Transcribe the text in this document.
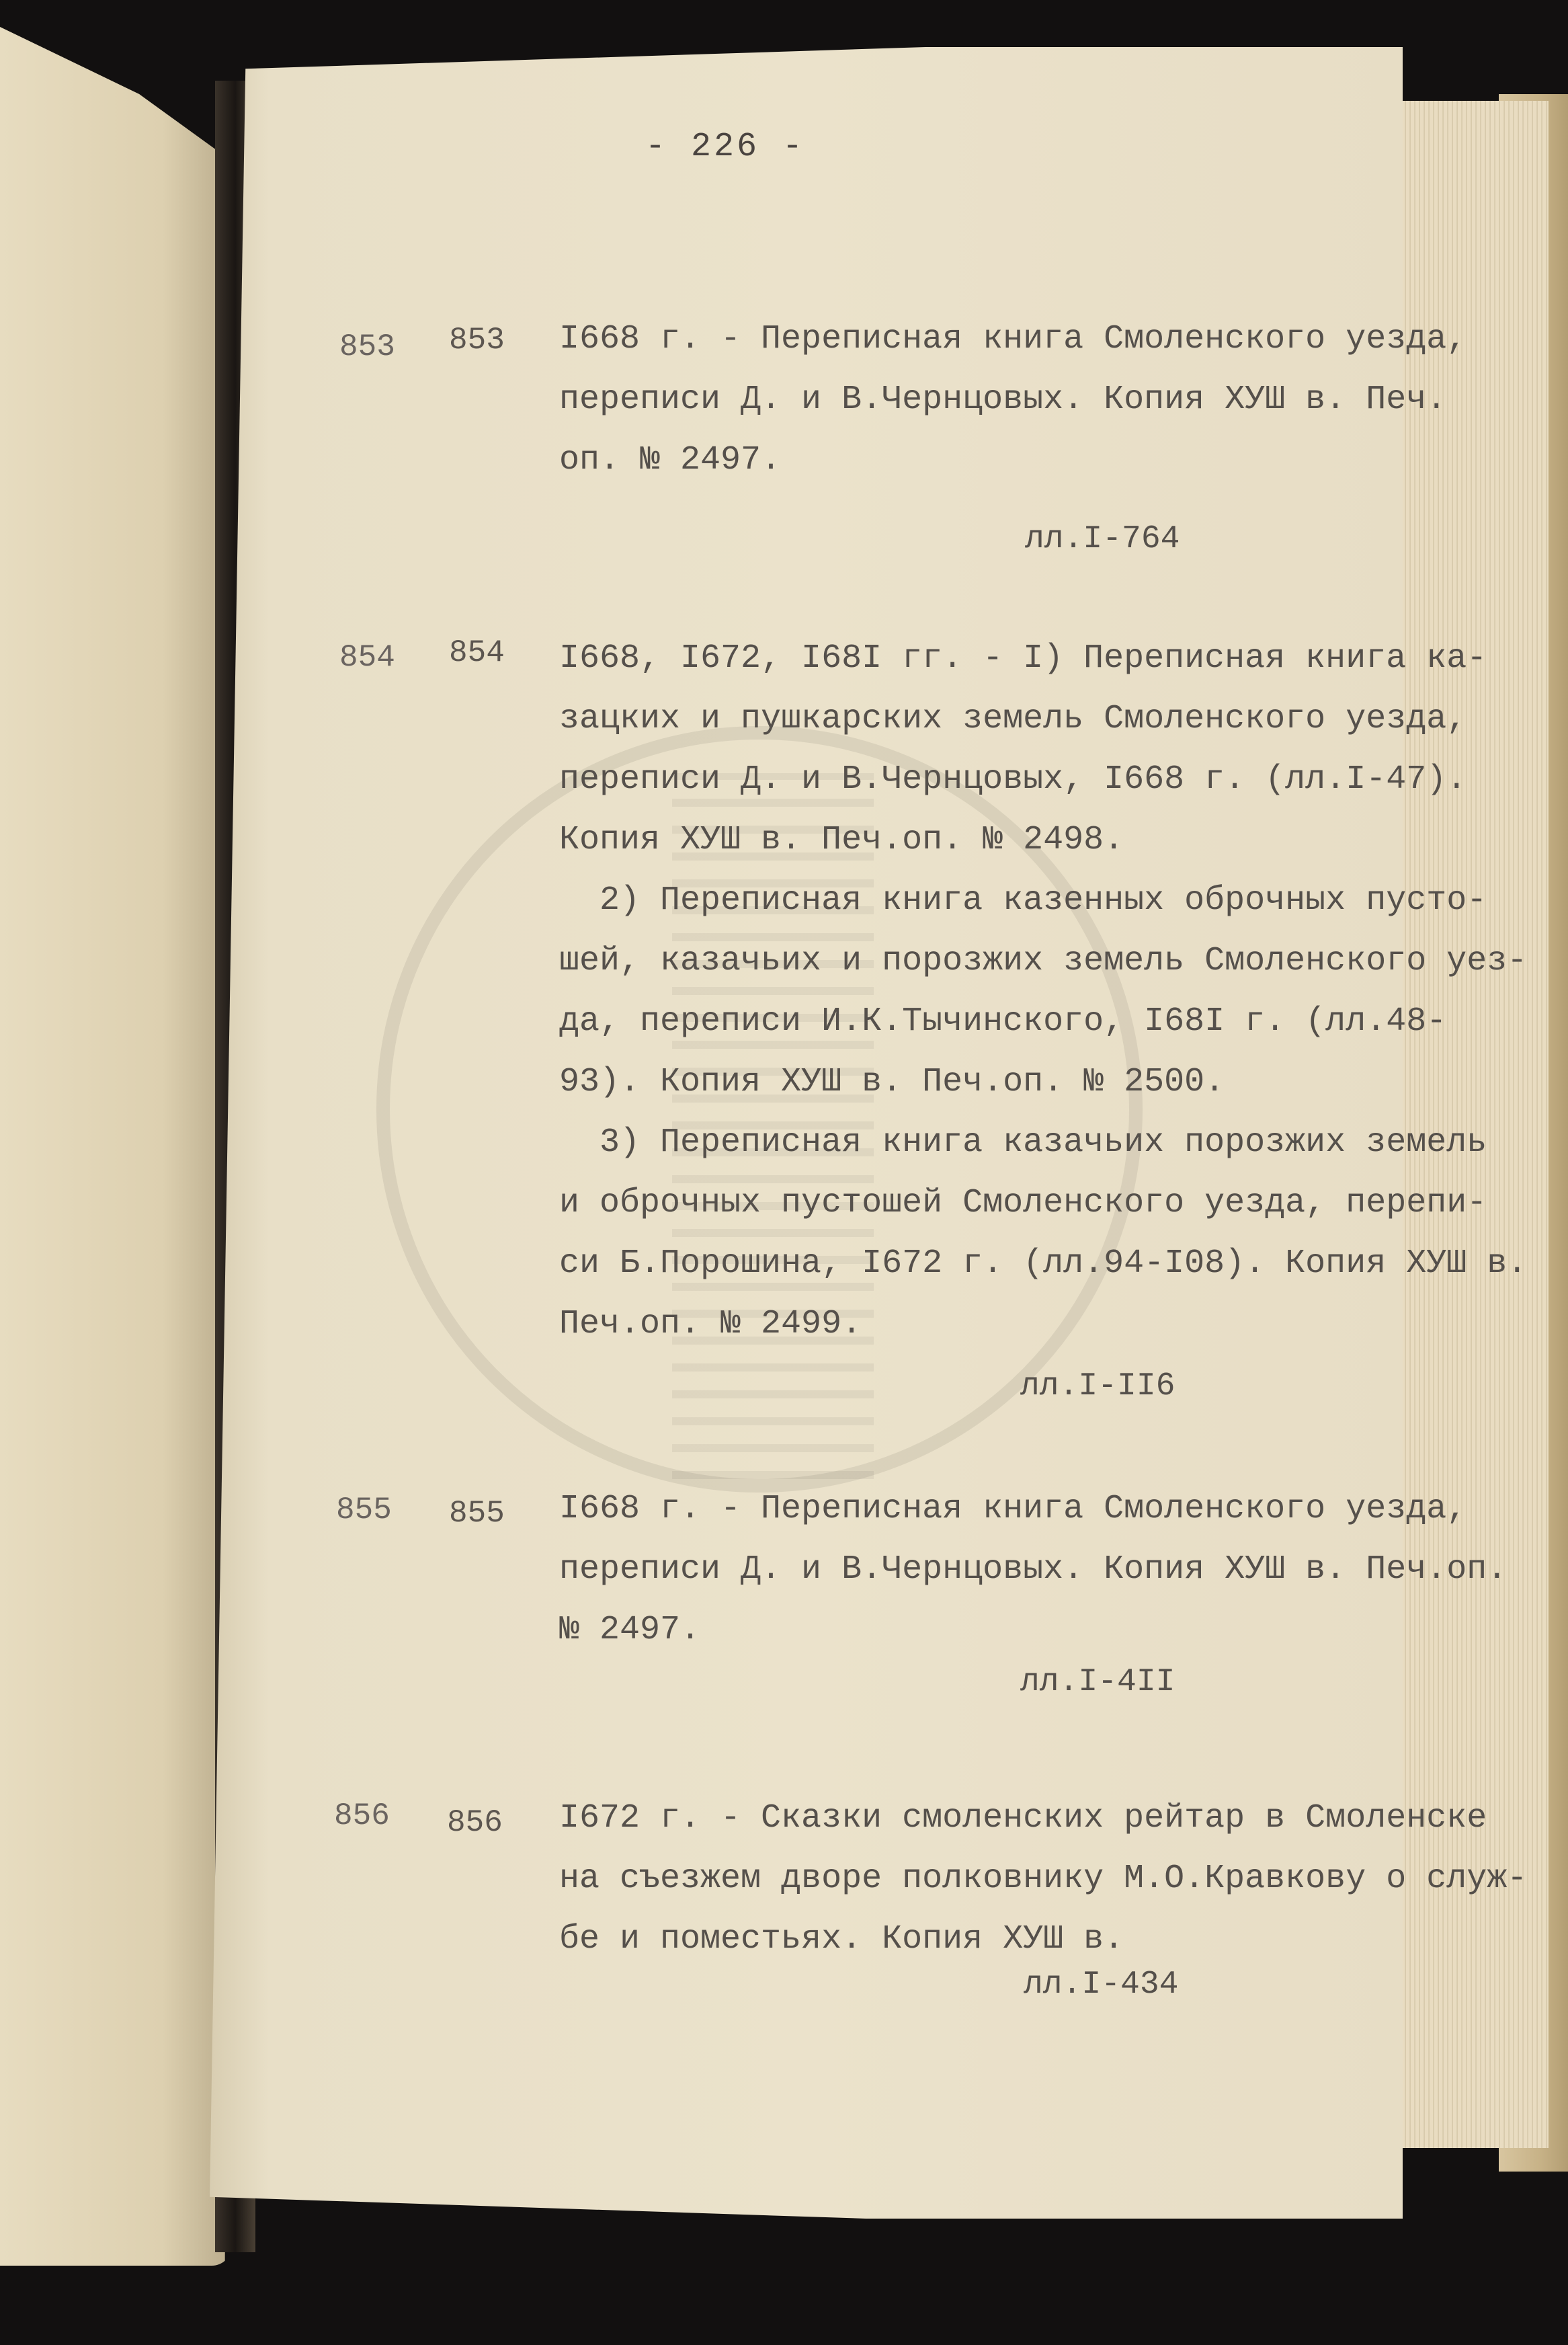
- 226 -
853 853 I668 г. - Переписная книга Смоленского уезда,
переписи Д. и В.Чернцовых. Копия ХУШ в. Печ.
оп. № 2497.
лл.I-764
854 854 I668, I672, I68I гг. - I) Переписная книга ка-
зацких и пушкарских земель Смоленского уезда,
переписи Д. и В.Чернцовых, I668 г. (лл.I-47).
Копия ХУШ в. Печ.оп. № 2498.
2) Переписная книга казенных оброчных пусто-
шей, казачьих и порозжих земель Смоленского уез-
да, переписи И.К.Тычинского, I68I г. (лл.48-
93). Копия ХУШ в. Печ.оп. № 2500.
3) Переписная книга казачьих порозжих земель
и оброчных пустошей Смоленского уезда, перепи-
си Б.Порошина, I672 г. (лл.94-I08). Копия ХУШ в.
Печ.оп. № 2499.
лл.I-II6
855 855 I668 г. - Переписная книга Смоленского уезда,
переписи Д. и В.Чернцовых. Копия ХУШ в. Печ.оп.
№ 2497.
лл.I-4II
856 856 I672 г. - Сказки смоленских рейтар в Смоленске
на съезжем дворе полковнику М.О.Кравкову о служ-
бе и поместьях. Копия ХУШ в.
лл.I-434
